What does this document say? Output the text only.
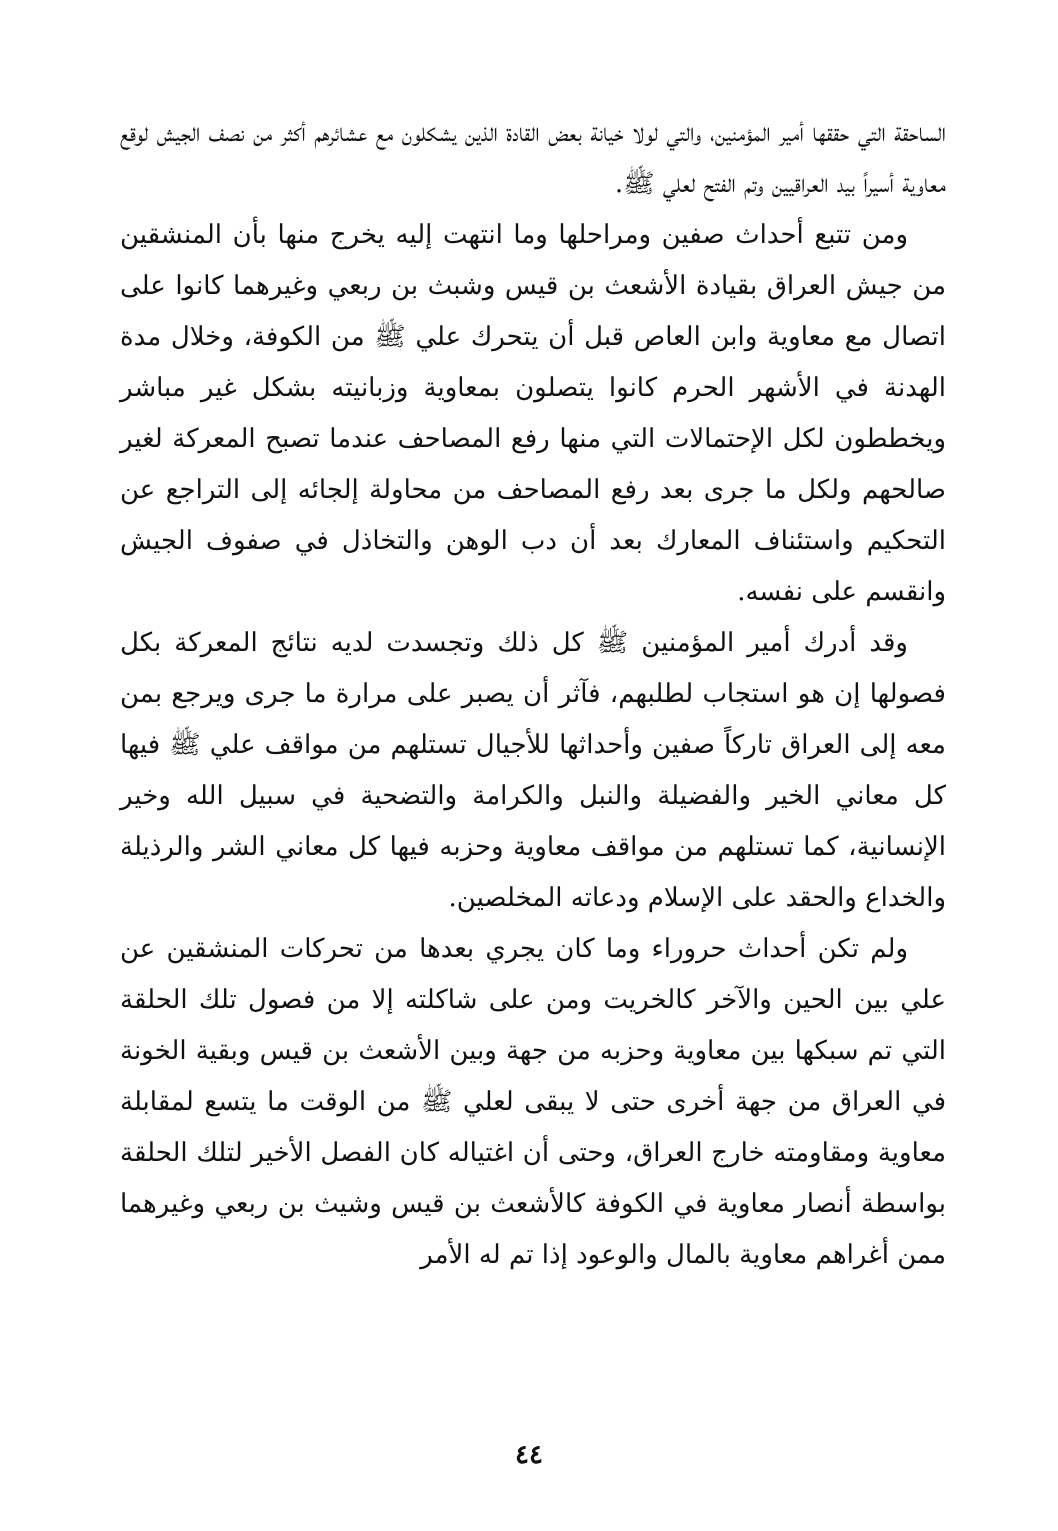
الساحقة التي حققها أمير المؤمنين، والتي لولا خيانة بعض القادة الذين يشكلون مع عشائرهم أكثر من نصف الجيش لوقع معاوية أسيراً بيد العراقيين وتم الفتح لعلي ﷺ.

ومن تتبع أحداث صفين ومراحلها وما انتهت إليه يخرج منها بأن المنشقين من جيش العراق بقيادة الأشعث بن قيس وشبث بن ربعي وغيرهما كانوا على اتصال مع معاوية وابن العاص قبل أن يتحرك علي ﷺ من الكوفة، وخلال مدة الهدنة في الأشهر الحرم كانوا يتصلون بمعاوية وزبانيته بشكل غير مباشر ويخططون لكل الإحتمالات التي منها رفع المصاحف عندما تصبح المعركة لغير صالحهم ولكل ما جرى بعد رفع المصاحف من محاولة إلجائه إلى التراجع عن التحكيم واستئناف المعارك بعد أن دب الوهن والتخاذل في صفوف الجيش وانقسم على نفسه.

وقد أدرك أمير المؤمنين ﷺ كل ذلك وتجسدت لديه نتائج المعركة بكل فصولها إن هو استجاب لطلبهم، فآثر أن يصبر على مرارة ما جرى ويرجع بمن معه إلى العراق تاركاً صفين وأحداثها للأجيال تستلهم من مواقف علي ﷺ فيها كل معاني الخير والفضيلة والنبل والكرامة والتضحية في سبيل الله وخير الإنسانية، كما تستلهم من مواقف معاوية وحزبه فيها كل معاني الشر والرذيلة والخداع والحقد على الإسلام ودعاته المخلصين.

ولم تكن أحداث حروراء وما كان يجري بعدها من تحركات المنشقين عن علي بين الحين والآخر كالخريت ومن على شاكلته إلا من فصول تلك الحلقة التي تم سبكها بين معاوية وحزبه من جهة وبين الأشعث بن قيس وبقية الخونة في العراق من جهة أخرى حتى لا يبقى لعلي ﷺ من الوقت ما يتسع لمقابلة معاوية ومقاومته خارج العراق، وحتى أن اغتياله كان الفصل الأخير لتلك الحلقة بواسطة أنصار معاوية في الكوفة كالأشعث بن قيس وشيث بن ربعي وغيرهما ممن أغراهم معاوية بالمال والوعود إذا تم له الأمر

٤٤
